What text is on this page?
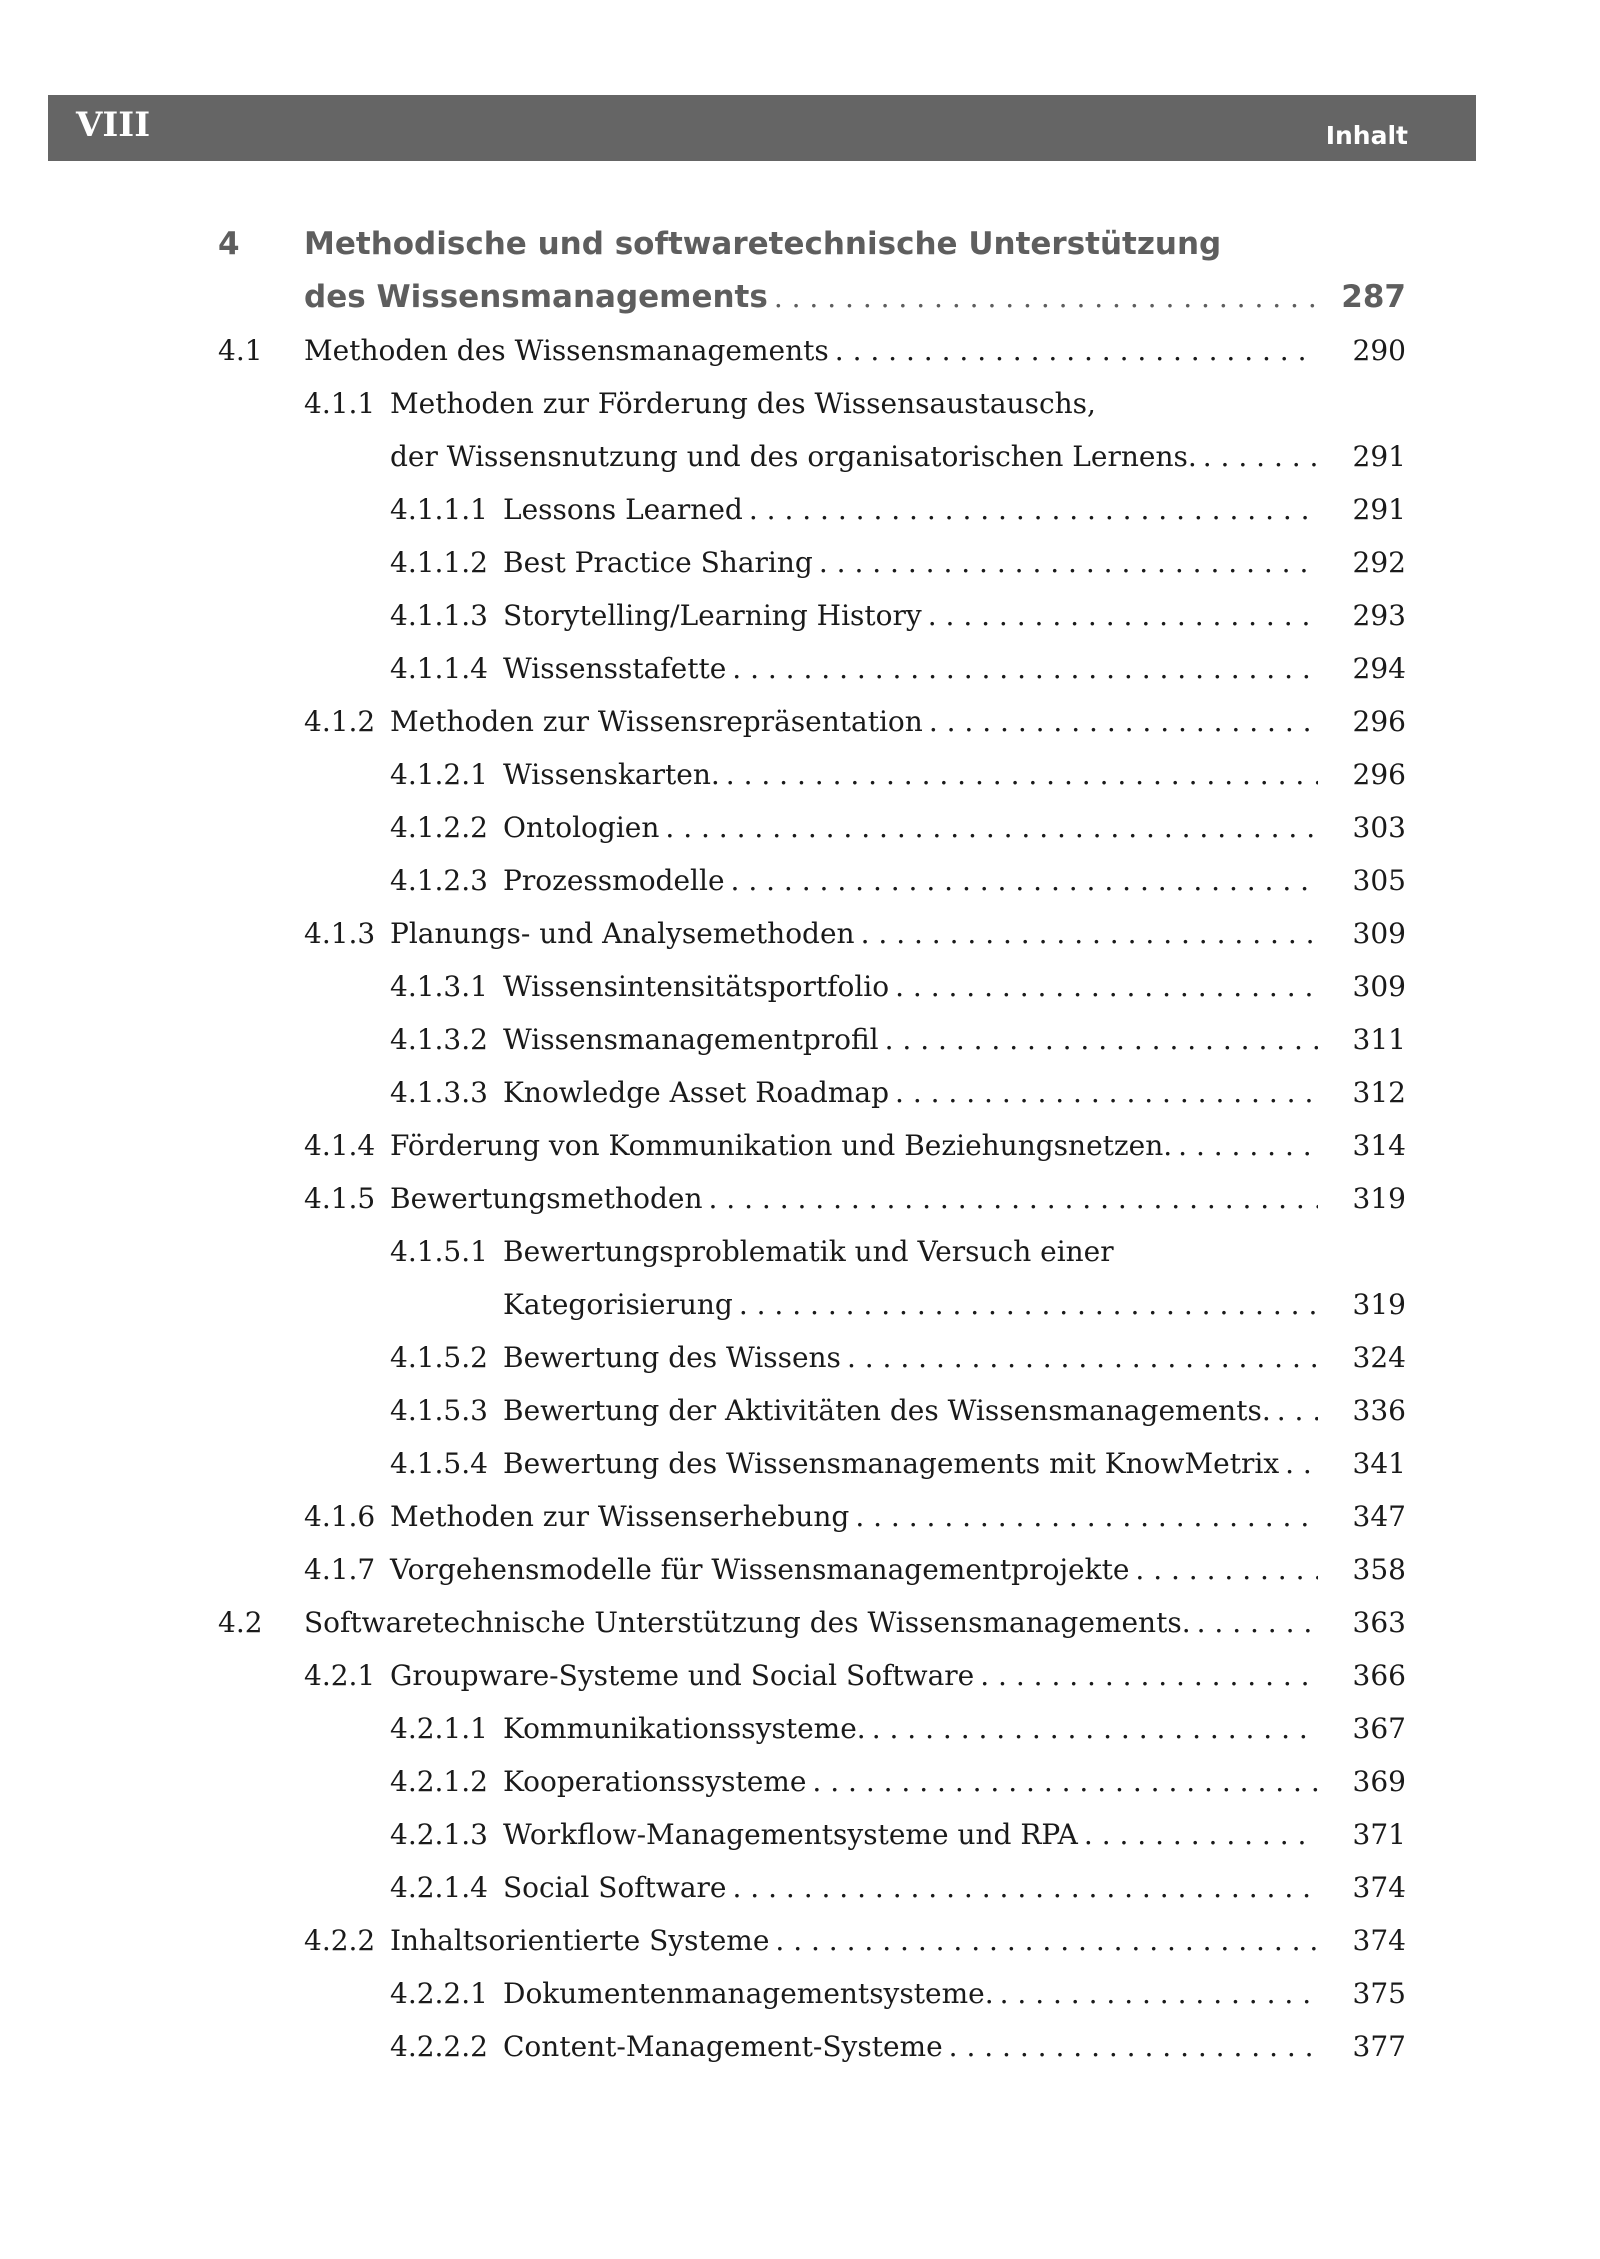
VIII	Inhalt
4 Methodische und softwaretechnische Unterstützung
des Wissensmanagements . . .	287
4.1 Methoden des Wissensmanagements . . .	290
4.1.1 Methoden zur Förderung des Wissensaustauschs,
der Wissensnutzung und des organisatorischen Lernens. . . .	291
4.1.1.1 Lessons Learned . . .	291
4.1.1.2 Best Practice Sharing . . .	292
4.1.1.3 Storytelling/Learning History . . .	293
4.1.1.4 Wissensstafette . . .	294
4.1.2 Methoden zur Wissensrepräsentation . . .	296
4.1.2.1 Wissenskarten. . . .	296
4.1.2.2 Ontologien . . .	303
4.1.2.3 Prozessmodelle . . .	305
4.1.3 Planungs- und Analysemethoden . . .	309
4.1.3.1 Wissensintensitätsportfolio . . .	309
4.1.3.2 Wissensmanagementprofil . . .	311
4.1.3.3 Knowledge Asset Roadmap . . .	312
4.1.4 Förderung von Kommunikation und Beziehungsnetzen. . . .	314
4.1.5 Bewertungsmethoden . . .	319
4.1.5.1 Bewertungsproblematik und Versuch einer
Kategorisierung . . .	319
4.1.5.2 Bewertung des Wissens . . .	324
4.1.5.3 Bewertung der Aktivitäten des Wissensmanagements. . . .	336
4.1.5.4 Bewertung des Wissensmanagements mit KnowMetrix . . .	341
4.1.6 Methoden zur Wissenserhebung . . .	347
4.1.7 Vorgehensmodelle für Wissensmanagementprojekte . . .	358
4.2 Softwaretechnische Unterstützung des Wissensmanagements. . . .	363
4.2.1 Groupware-Systeme und Social Software . . .	366
4.2.1.1 Kommunikationssysteme. . . .	367
4.2.1.2 Kooperationssysteme . . .	369
4.2.1.3 Workflow-Managementsysteme und RPA . . .	371
4.2.1.4 Social Software . . .	374
4.2.2 Inhaltsorientierte Systeme . . .	374
4.2.2.1 Dokumentenmanagementsysteme. . . .	375
4.2.2.2 Content-Management-Systeme . . .	377
